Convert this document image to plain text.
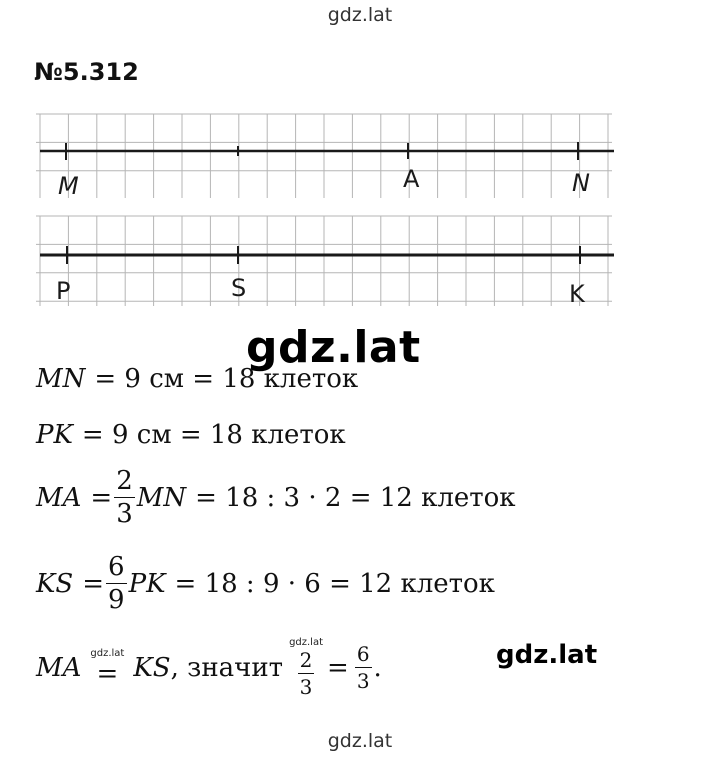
gdz.lat
№5.312
M	A	N
P	S	K
gdz.lat
MN = 9 см = 18 клеток
PK = 9 см = 18 клеток
MA = $\frac{2}{3}$ MN = 18 : 3 · 2 = 12 клеток
KS = $\frac{6}{9}$ PK = 18 : 9 · 6 = 12 клеток
MA gdz.lat
= KS , значит
gdz.lat
$\frac{2}{3} = \frac{6}{3}$ .	gdz.lat
gdz.lat
